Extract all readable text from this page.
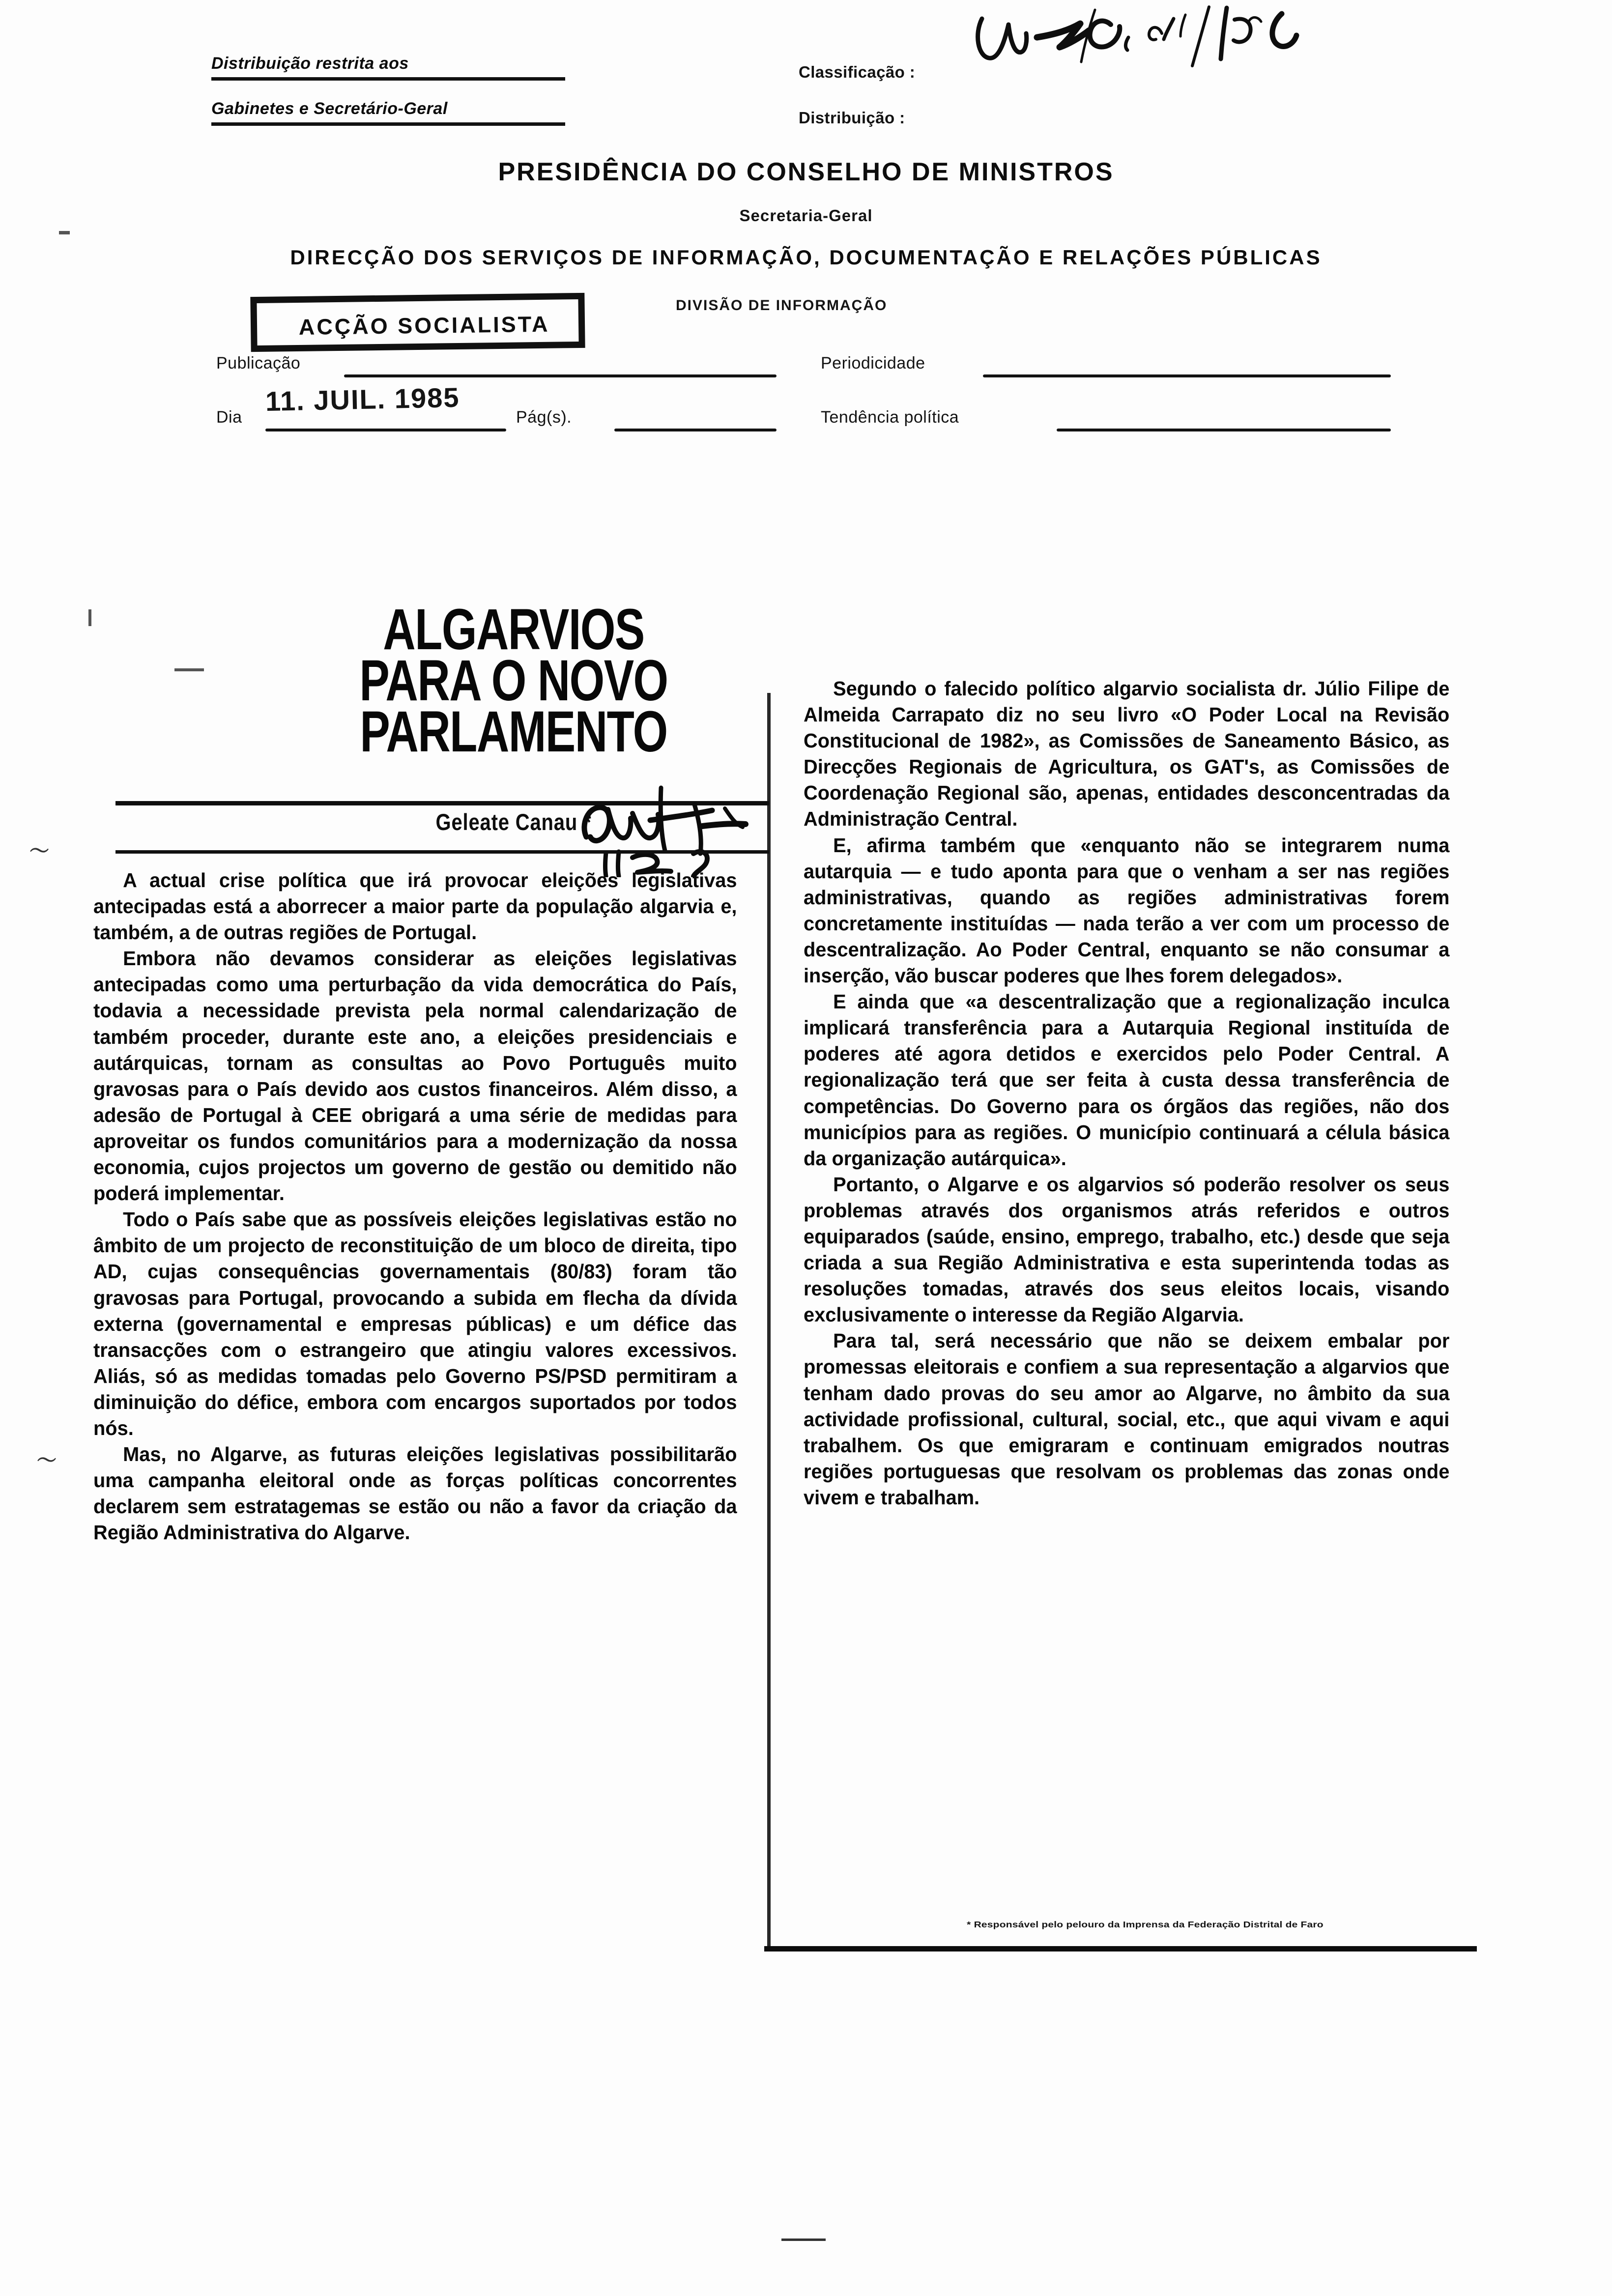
Distribuição restrita aos
Gabinetes e Secretário-Geral
Classificação :
Distribuição :
PRESIDÊNCIA DO CONSELHO DE MINISTROS
Secretaria-Geral
DIRECÇÃO DOS SERVIÇOS DE INFORMAÇÃO, DOCUMENTAÇÃO E RELAÇÕES PÚBLICAS
DIVISÃO DE INFORMAÇÃO
ACÇÃO SOCIALISTA
Publicação	Periodicidade
Dia
11. JUIL. 1985
Pág(s).	Tendência política
ALGARVIOS
PARA O NOVO
PARLAMENTO
Geleate Canau *

A actual crise política que irá provocar eleições legislativas antecipadas está a aborrecer a maior parte da população algarvia e, também, a de outras regiões de Portugal.

Embora não devamos considerar as eleições legislativas antecipadas como uma perturbação da vida democrática do País, todavia a necessidade prevista pela normal calendarização de também proceder, durante este ano, a eleições presidenciais e autárquicas, tornam as consultas ao Povo Português muito gravosas para o País devido aos custos financeiros. Além disso, a adesão de Portugal à CEE obrigará a uma série de medidas para aproveitar os fundos comunitários para a modernização da nossa economia, cujos projectos um governo de gestão ou demitido não poderá implementar.

Todo o País sabe que as possíveis eleições legislativas estão no âmbito de um projecto de reconstituição de um bloco de direita, tipo AD, cujas consequências governamentais (80/83) foram tão gravosas para Portugal, provocando a subida em flecha da dívida externa (governamental e empresas públicas) e um défice das transacções com o estrangeiro que atingiu valores excessivos. Aliás, só as medidas tomadas pelo Governo PS/PSD permitiram a diminuição do défice, embora com encargos suportados por todos nós.

Mas, no Algarve, as futuras eleições legislativas possibilitarão uma campanha eleitoral onde as forças políticas concorrentes declarem sem estratagemas se estão ou não a favor da criação da Região Administrativa do Algarve.

Segundo o falecido político algarvio socialista dr. Júlio Filipe de Almeida Carrapato diz no seu livro «O Poder Local na Revisão Constitucional de 1982», as Comissões de Saneamento Básico, as Direcções Regionais de Agricultura, os GAT's, as Comissões de Coordenação Regional são, apenas, entidades desconcentradas da Administração Central.

E, afirma também que «enquanto não se integrarem numa autarquia — e tudo aponta para que o venham a ser nas regiões administrativas, quando as regiões administrativas forem concretamente instituídas — nada terão a ver com um processo de descentralização. Ao Poder Central, enquanto se não consumar a inserção, vão buscar poderes que lhes forem delegados».

E ainda que «a descentralização que a regionalização inculca implicará transferência para a Autarquia Regional instituída de poderes até agora detidos e exercidos pelo Poder Central. A regionalização terá que ser feita à custa dessa transferência de competências. Do Governo para os órgãos das regiões, não dos municípios para as regiões. O município continuará a célula básica da organização autárquica».

Portanto, o Algarve e os algarvios só poderão resolver os seus problemas através dos organismos atrás referidos e outros equiparados (saúde, ensino, emprego, trabalho, etc.) desde que seja criada a sua Região Administrativa e esta superintenda todas as resoluções tomadas, através dos seus eleitos locais, visando exclusivamente o interesse da Região Algarvia.

Para tal, será necessário que não se deixem embalar por promessas eleitorais e confiem a sua representação a algarvios que tenham dado provas do seu amor ao Algarve, no âmbito da sua actividade profissional, cultural, social, etc., que aqui vivam e aqui trabalhem. Os que emigraram e continuam emigrados noutras regiões portuguesas que resolvam os problemas das zonas onde vivem e trabalham.

* Responsável pelo pelouro da Imprensa da Federação Distrital de Faro
〜
〜
